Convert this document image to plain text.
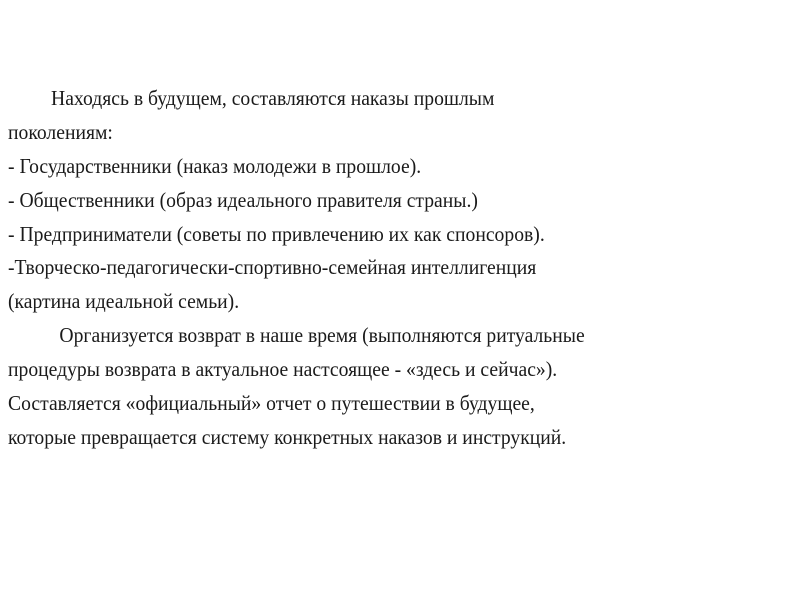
Находясь в будущем, составляются наказы прошлым
поколениям:
- Государственники (наказ молодежи в прошлое).
- Общественники (образ идеального правителя страны.)
- Предприниматели (советы по привлечению их как спонсоров).
-Творческо-педагогически-спортивно-семейная интеллигенция
(картина идеальной семьи).
Организуется возврат в наше время (выполняются ритуальные
процедуры возврата в актуальное настсоящее - «здесь и сейчас»).
Составляется «официальный» отчет о путешествии в будущее,
которые превращается систему конкретных наказов и инструкций.
